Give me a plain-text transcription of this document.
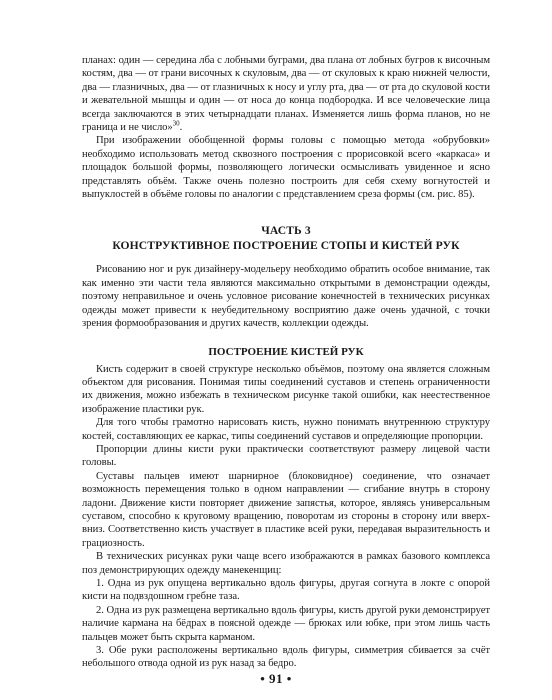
планах: один — середина лба с лобными буграми, два плана от лобных бугров к височным костям, два — от грани височных к скуловым, два — от скуловых к краю нижней челюсти, два — глазничных, два — от глазничных к носу и углу рта, два — от рта до скуловой кости и жевательной мышцы и один — от носа до конца подбородка. И все человеческие лица всегда заключаются в этих четырнадцати планах. Изменяется лишь форма планов, но не граница и не число»$^{30}$.

При изображении обобщенной формы головы с помощью метода «обрубовки» необходимо использовать метод сквозного построения с прорисовкой всего «каркаса» и площадок большой формы, позволяющего логически осмысливать увиденное и ясно представлять объём. Также очень полезно построить для себя схему вогнутостей и выпуклостей в объёме головы по аналогии с представлением среза формы (см. рис. 85).

ЧАСТЬ 3
КОНСТРУКТИВНОЕ ПОСТРОЕНИЕ СТОПЫ И КИСТЕЙ РУК

Рисованию ног и рук дизайнеру-модельеру необходимо обратить особое внимание, так как именно эти части тела являются максимально открытыми в демонстрации одежды, поэтому неправильное и очень условное рисование конечностей в технических рисунках одежды может привести к неубедительному восприятию даже очень удачной, с точки зрения формообразования и других качеств, коллекции одежды.

ПОСТРОЕНИЕ КИСТЕЙ РУК

Кисть содержит в своей структуре несколько объёмов, поэтому она является сложным объектом для рисования. Понимая типы соединений суставов и степень ограниченности их движения, можно избежать в техническом рисунке такой ошибки, как неестественное изображение пластики рук.

Для того чтобы грамотно нарисовать кисть, нужно понимать внутреннюю структуру костей, составляющих ее каркас, типы соединений суставов и определяющие пропорции.

Пропорции длины кисти руки практически соответствуют размеру лицевой части головы.

Суставы пальцев имеют шарнирное (блоковидное) соединение, что означает возможность перемещения только в одном направлении — сгибание внутрь в сторону ладони. Движение кисти повторяет движение запястья, которое, являясь универсальным суставом, способно к круговому вращению, поворотам из стороны в сторону или вверх-вниз. Соответственно кисть участвует в пластике всей руки, передавая выразительность и грациозность.

В технических рисунках руки чаще всего изображаются в рамках базового комплекса поз демонстрирующих одежду манекенщиц:

1. Одна из рук опущена вертикально вдоль фигуры, другая согнута в локте с опорой кисти на подвздошном гребне таза.

2. Одна из рук размещена вертикально вдоль фигуры, кисть другой руки демонстрирует наличие кармана на бёдрах в поясной одежде — брюках или юбке, при этом лишь часть пальцев может быть скрыта карманом.

3. Обе руки расположены вертикально вдоль фигуры, симметрия сбивается за счёт небольшого отвода одной из рук назад за бедро.

• 91 •
